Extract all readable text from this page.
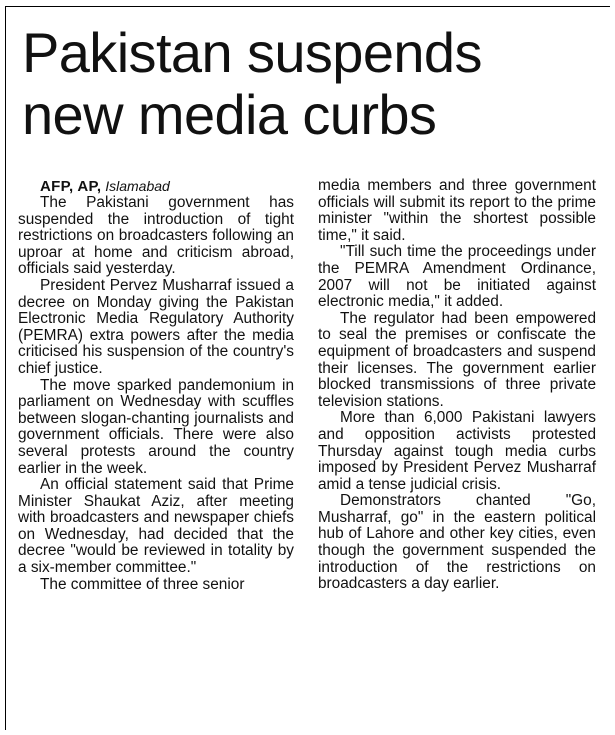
Pakistan suspends
new media curbs

AFP, AP, Islamabad

The Pakistani government has suspended the introduction of tight restrictions on broadcasters following an uproar at home and criticism abroad, officials said yesterday.

President Pervez Musharraf issued a decree on Monday giving the Pakistan Electronic Media Regulatory Authority (PEMRA) extra powers after the media criticised his suspension of the country's chief justice.

The move sparked pandemonium in parliament on Wednesday with scuffles between slogan-chanting journalists and government officials. There were also several protests around the country earlier in the week.

An official statement said that Prime Minister Shaukat Aziz, after meeting with broadcasters and newspaper chiefs on Wednesday, had decided that the decree "would be reviewed in totality by a six-member committee."

The committee of three senior

media members and three government officials will submit its report to the prime minister "within the shortest possible time," it said.

"Till such time the proceedings under the PEMRA Amendment Ordinance, 2007 will not be initiated against electronic media," it added.

The regulator had been empowered to seal the premises or confiscate the equipment of broadcasters and suspend their licenses. The government earlier blocked transmissions of three private television stations.

More than 6,000 Pakistani lawyers and opposition activists protested Thursday against tough media curbs imposed by President Pervez Musharraf amid a tense judicial crisis.

Demonstrators chanted "Go, Musharraf, go" in the eastern political hub of Lahore and other key cities, even though the government suspended the introduction of the restrictions on broadcasters a day earlier.
